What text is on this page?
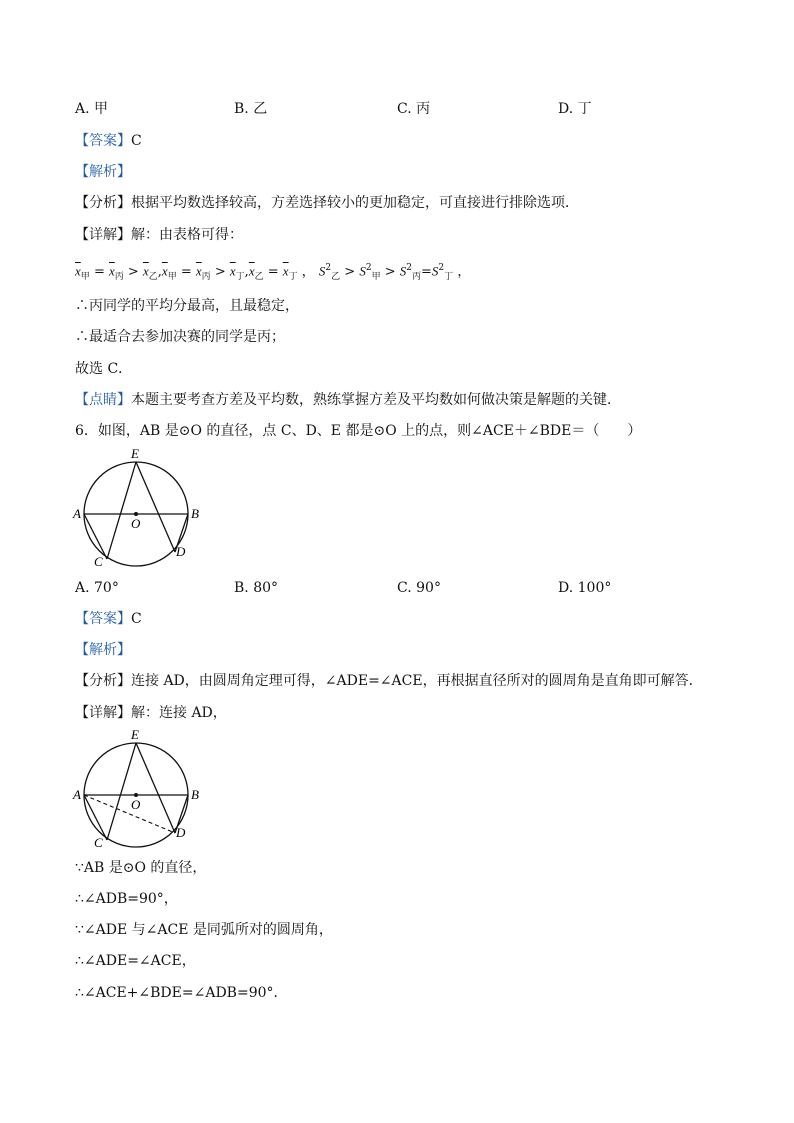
A. 甲	B. 乙	C. 丙	D. 丁
【答案】C
【解析】
【分析】根据平均数选择较高，方差选择较小的更加稳定，可直接进行排除选项．
【详解】解：由表格可得：
$\overline{x}_甲 = \overline{x}_丙 > \overline{x}_乙,\overline{x}_甲 = \overline{x}_丙 > \overline{x}_丁,\overline{x}_乙 = \overline{x}_丁$ ， $S^2_乙 > S^2_甲 > S^2_丙=S^2_丁$ ，
∴丙同学的平均分最高，且最稳定，
∴最适合去参加决赛的同学是丙；
故选 C．
【点睛】本题主要考查方差及平均数，熟练掌握方差及平均数如何做决策是解题的关键．
6．如图，AB 是⊙O 的直径，点 C、D、E 都是⊙O 上的点，则∠ACE＋∠BDE＝（　　）
E
A	B
O
C
D
A. 70°	B. 80°	C. 90°	D. 100°
【答案】C
【解析】
【分析】连接 AD，由圆周角定理可得，∠ADE=∠ACE，再根据直径所对的圆周角是直角即可解答．
【详解】解：连接 AD，
E
A	B
O
C
D
∵AB 是⊙O 的直径，
∴∠ADB=90°，
∵∠ADE 与∠ACE 是同弧所对的圆周角，
∴∠ADE=∠ACE，
∴∠ACE+∠BDE=∠ADB=90°．
